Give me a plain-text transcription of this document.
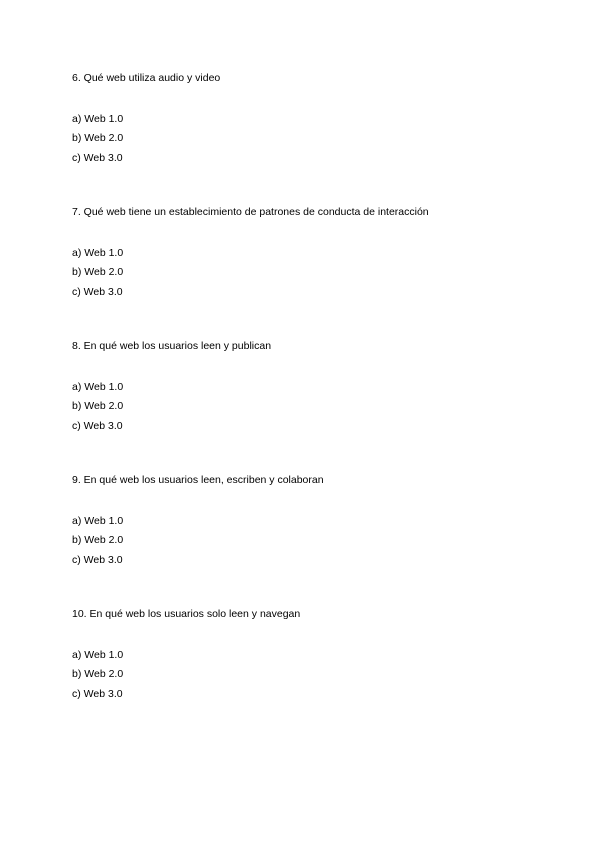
6. Qué web utiliza audio y video
a) Web 1.0
b) Web 2.0
c) Web 3.0
7. Qué web tiene un establecimiento de patrones de conducta de interacción
a) Web 1.0
b) Web 2.0
c) Web 3.0
8. En qué web los usuarios leen y publican
a) Web 1.0
b) Web 2.0
c) Web 3.0
9. En qué web los usuarios leen, escriben y colaboran
a) Web 1.0
b) Web 2.0
c) Web 3.0
10. En qué web los usuarios solo leen y navegan
a) Web 1.0
b) Web 2.0
c) Web 3.0
